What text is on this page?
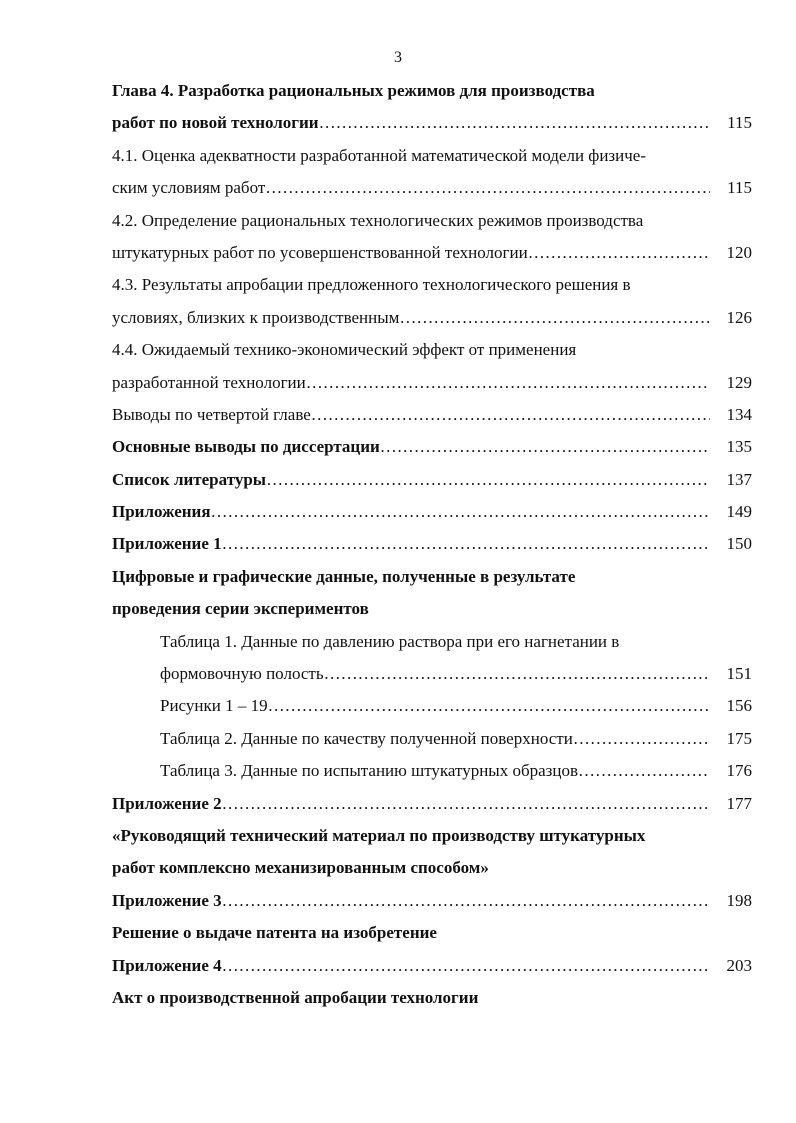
3
Глава 4. Разработка рациональных режимов для производства
работ по новой технологии ……………………………………………………………………………………………………………………………………………………………………………	115
4.1. Оценка адекватности разработанной математической модели физиче-
ским условиям работ ……………………………………………………………………………………………………………………………………………………………………………	115
4.2. Определение рациональных технологических режимов производства
штукатурных работ по усовершенствованной технологии ……………………………………………………………………………………………………………………………………………………………………………	120
4.3. Результаты апробации предложенного технологического решения в
условиях, близких к производственным ……………………………………………………………………………………………………………………………………………………………………………	126
4.4. Ожидаемый технико-экономический эффект от применения
разработанной технологии ……………………………………………………………………………………………………………………………………………………………………………	129
Выводы по четвертой главе ……………………………………………………………………………………………………………………………………………………………………………	134
Основные выводы по диссертации ……………………………………………………………………………………………………………………………………………………………………………	135
Список литературы ……………………………………………………………………………………………………………………………………………………………………………	137
Приложения ……………………………………………………………………………………………………………………………………………………………………………	149
Приложение 1 ……………………………………………………………………………………………………………………………………………………………………………	150
Цифровые и графические данные, полученные в результате
проведения серии экспериментов
Таблица 1. Данные по давлению раствора при его нагнетании в
формовочную полость ……………………………………………………………………………………………………………………………………………………………………………	151
Рисунки 1 – 19 ……………………………………………………………………………………………………………………………………………………………………………	156
Таблица 2. Данные по качеству полученной поверхности ……………………………………………………………………………………………………………………………………………………………………………	175
Таблица 3. Данные по испытанию штукатурных образцов ……………………………………………………………………………………………………………………………………………………………………………	176
Приложение 2 ……………………………………………………………………………………………………………………………………………………………………………	177
«Руководящий технический материал по производству штукатурных
работ комплексно механизированным способом»
Приложение 3 ……………………………………………………………………………………………………………………………………………………………………………	198
Решение о выдаче патента на изобретение
Приложение 4 ……………………………………………………………………………………………………………………………………………………………………………	203
Акт о производственной апробации технологии
